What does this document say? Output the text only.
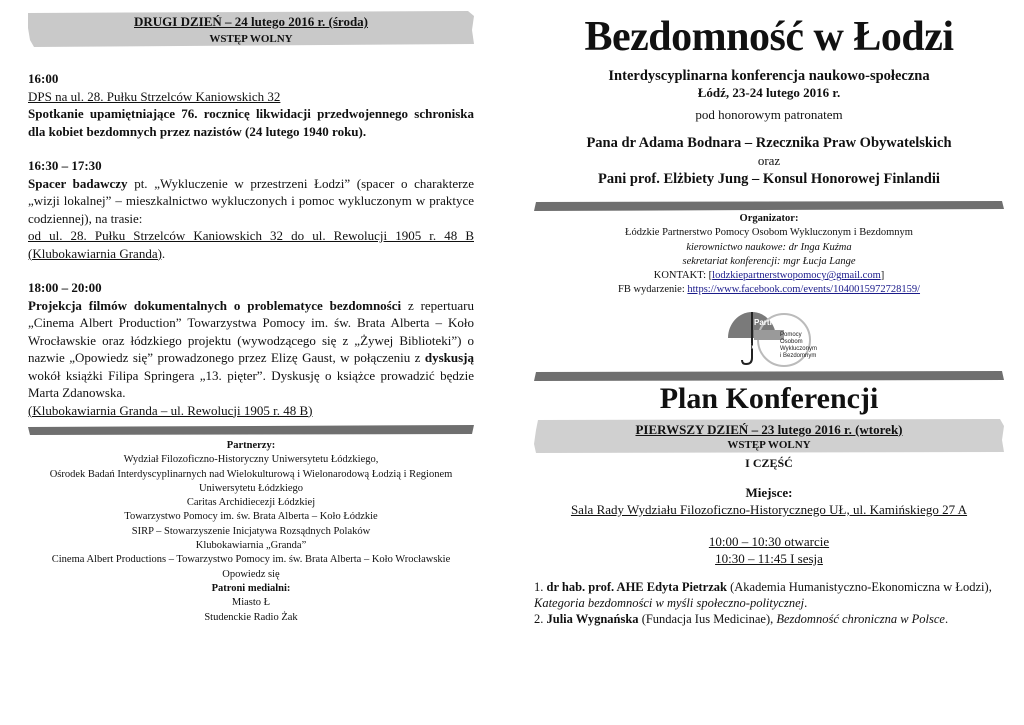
DRUGI DZIEŃ – 24 lutego 2016 r. (środa)
WSTĘP WOLNY
16:00
DPS na ul. 28. Pułku Strzelców Kaniowskich 32
Spotkanie upamiętniające 76. rocznicę likwidacji przedwojennego schroniska dla kobiet bezdomnych przez nazistów (24 lutego 1940 roku).
16:30 – 17:30
Spacer badawczy pt. „Wykluczenie w przestrzeni Łodzi” (spacer o charakterze „wizji lokalnej” – mieszkalnictwo wykluczonych i pomoc wykluczonym w praktyce codziennej), na trasie:
od ul. 28. Pułku Strzelców Kaniowskich 32 do ul. Rewolucji 1905 r. 48 B (Klubokawiarnia Granda).
18:00 – 20:00
Projekcja filmów dokumentalnych o problematyce bezdomności z repertuaru „Cinema Albert Production” Towarzystwa Pomocy im. św. Brata Alberta – Koło Wrocławskie oraz łódzkiego projektu (wywodzącego się z „Żywej Biblioteki”) o nazwie „Opowiedz się” prowadzonego przez Elizę Gaust, w połączeniu z dyskusją wokół książki Filipa Springera „13. pięter”. Dyskusję o książce prowadzić będzie Marta Zdanowska.
(Klubokawiarnia Granda – ul. Rewolucji 1905 r. 48 B)
Partnerzy:
Wydział Filozoficzno-Historyczny Uniwersytetu Łódzkiego,
Ośrodek Badań Interdyscyplinarnych nad Wielokulturową i Wielonarodową Łodzią i Regionem Uniwersytetu Łódzkiego
Caritas Archidiecezji Łódzkiej
Towarzystwo Pomocy im. św. Brata Alberta – Koło Łódzkie
SIRP – Stowarzyszenie Inicjatywa Rozsądnych Polaków
Klubokawiarnia „Granda”
Cinema Albert Productions – Towarzystwo Pomocy im. św. Brata Alberta – Koło Wrocławskie
Opowiedz się
Patroni medialni:
Miasto Ł
Studenckie Radio Żak
Bezdomność w Łodzi
Interdyscyplinarna konferencja naukowo-społeczna
Łódź, 23-24 lutego 2016 r.
pod honorowym patronatem
Pana dr Adama Bodnara – Rzecznika Praw Obywatelskich
oraz
Pani prof. Elżbiety Jung – Konsul Honorowej Finlandii
Organizator:
Łódzkie Partnerstwo Pomocy Osobom Wykluczonym i Bezdomnym
kierownictwo naukowe: dr Inga Kuźma
sekretariat konferencji: mgr Łucja Lange
KONTAKT: [lodzkiepartnerstwopomocy@gmail.com]
FB wydarzenie: https://www.facebook.com/events/1040015972728159/
Partnerstwo
Łódzkie
Pomocy
Osobom
Wykluczonym
i Bezdomnym
Plan Konferencji
PIERWSZY DZIEŃ – 23 lutego 2016 r. (wtorek)
WSTĘP WOLNY
I CZĘŚĆ
Miejsce:
Sala Rady Wydziału Filozoficzno-Historycznego UŁ, ul. Kamińskiego 27 A
10:00 – 10:30 otwarcie
10:30 – 11:45 I sesja
1. dr hab. prof. AHE Edyta Pietrzak (Akademia Humanistyczno-Ekonomiczna w Łodzi), Kategoria bezdomności w myśli społeczno-politycznej.
2. Julia Wygnańska (Fundacja Ius Medicinae), Bezdomność chroniczna w Polsce.
